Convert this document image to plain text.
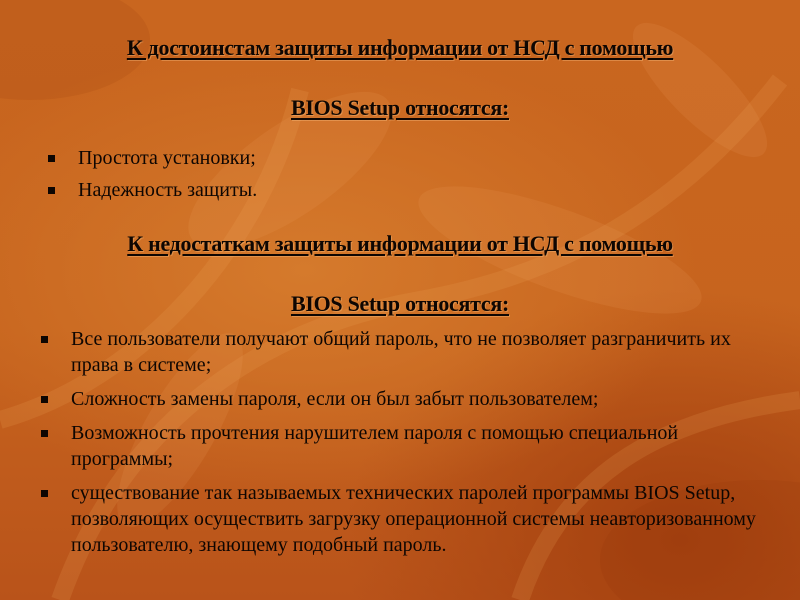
К достоинстам защиты информации от НСД с помощью
BIOS Setup относятся:
Простота установки;
Надежность защиты.
К недостаткам защиты информации от НСД с помощью
BIOS Setup относятся:
Все пользователи получают общий пароль, что не позволяет разграничить их права в системе;
Сложность замены пароля, если он был забыт пользователем;
Возможность прочтения нарушителем пароля с помощью специальной программы;
существование так называемых технических паролей программы BIOS Setup, позволяющих осуществить загрузку операционной системы неавторизованному пользователю, знающему подобный пароль.
